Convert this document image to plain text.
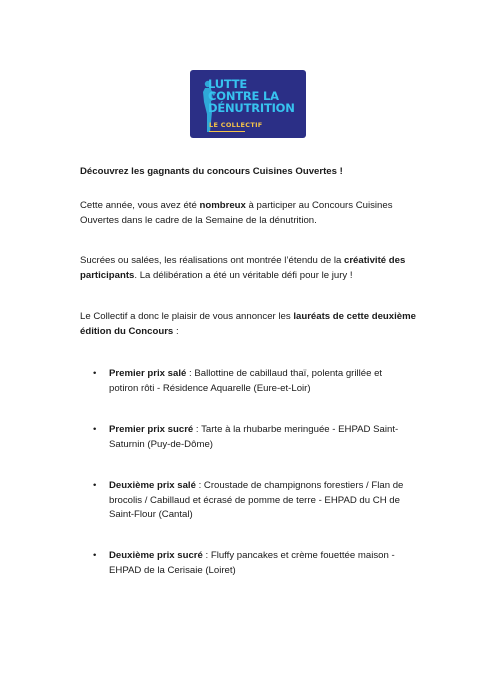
LUTTE
CONTRE LA
DÉNUTRITION
LE COLLECTIF

Découvrez les gagnants du concours Cuisines Ouvertes !

Cette année, vous avez été nombreux à participer au Concours Cuisines Ouvertes dans le cadre de la Semaine de la dénutrition.

Sucrées ou salées, les réalisations ont montrée l’étendu de la créativité des participants. La délibération a été un véritable défi pour le jury !

Le Collectif a donc le plaisir de vous annoncer les lauréats de cette deuxième édition du Concours :

• Premier prix salé : Ballottine de cabillaud thaï, polenta grillée et potiron rôti - Résidence Aquarelle (Eure-et-Loir)
• Premier prix sucré : Tarte à la rhubarbe meringuée - EHPAD Saint-Saturnin (Puy-de-Dôme)
• Deuxième prix salé : Croustade de champignons forestiers / Flan de brocolis / Cabillaud et écrasé de pomme de terre - EHPAD du CH de Saint-Flour (Cantal)
• Deuxième prix sucré : Fluffy pancakes et crème fouettée maison - EHPAD de la Cerisaie (Loiret)
